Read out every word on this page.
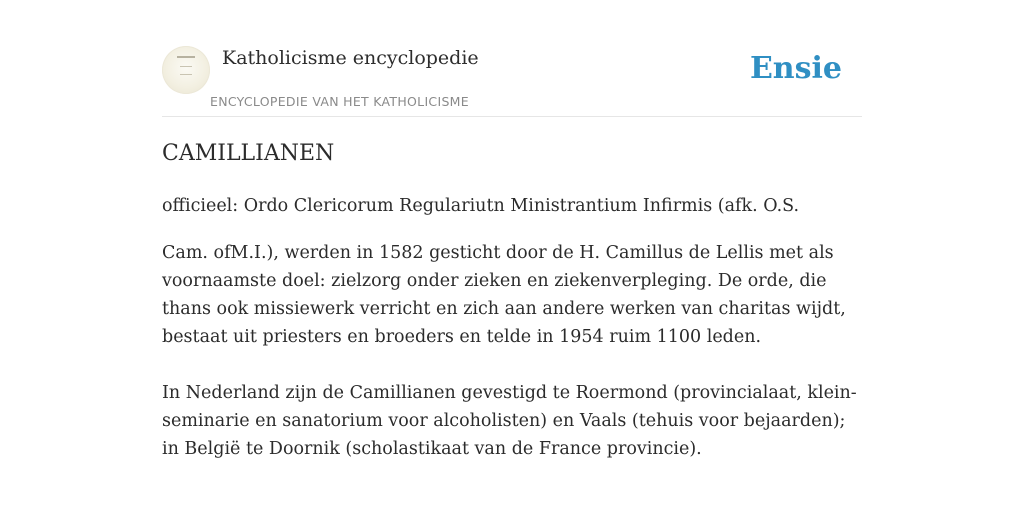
Katholicisme encyclopedie
ENCYCLOPEDIE VAN HET KATHOLICISME
Ensie
CAMILLIANEN

officieel: Ordo Clericorum Regulariutn Ministrantium Infirmis (afk. O.S.

Cam. ofM.I.), werden in 1582 gesticht door de H. Camillus de Lellis met als voornaamste doel: zielzorg onder zieken en ziekenverpleging. De orde, die thans ook missiewerk verricht en zich aan andere werken van charitas wijdt, bestaat uit priesters en broeders en telde in 1954 ruim 1100 leden.

In Nederland zijn de Camillianen gevestigd te Roermond (provincialaat, klein-seminarie en sanatorium voor alcoholisten) en Vaals (tehuis voor bejaarden); in België te Doornik (scholastikaat van de France provincie).
